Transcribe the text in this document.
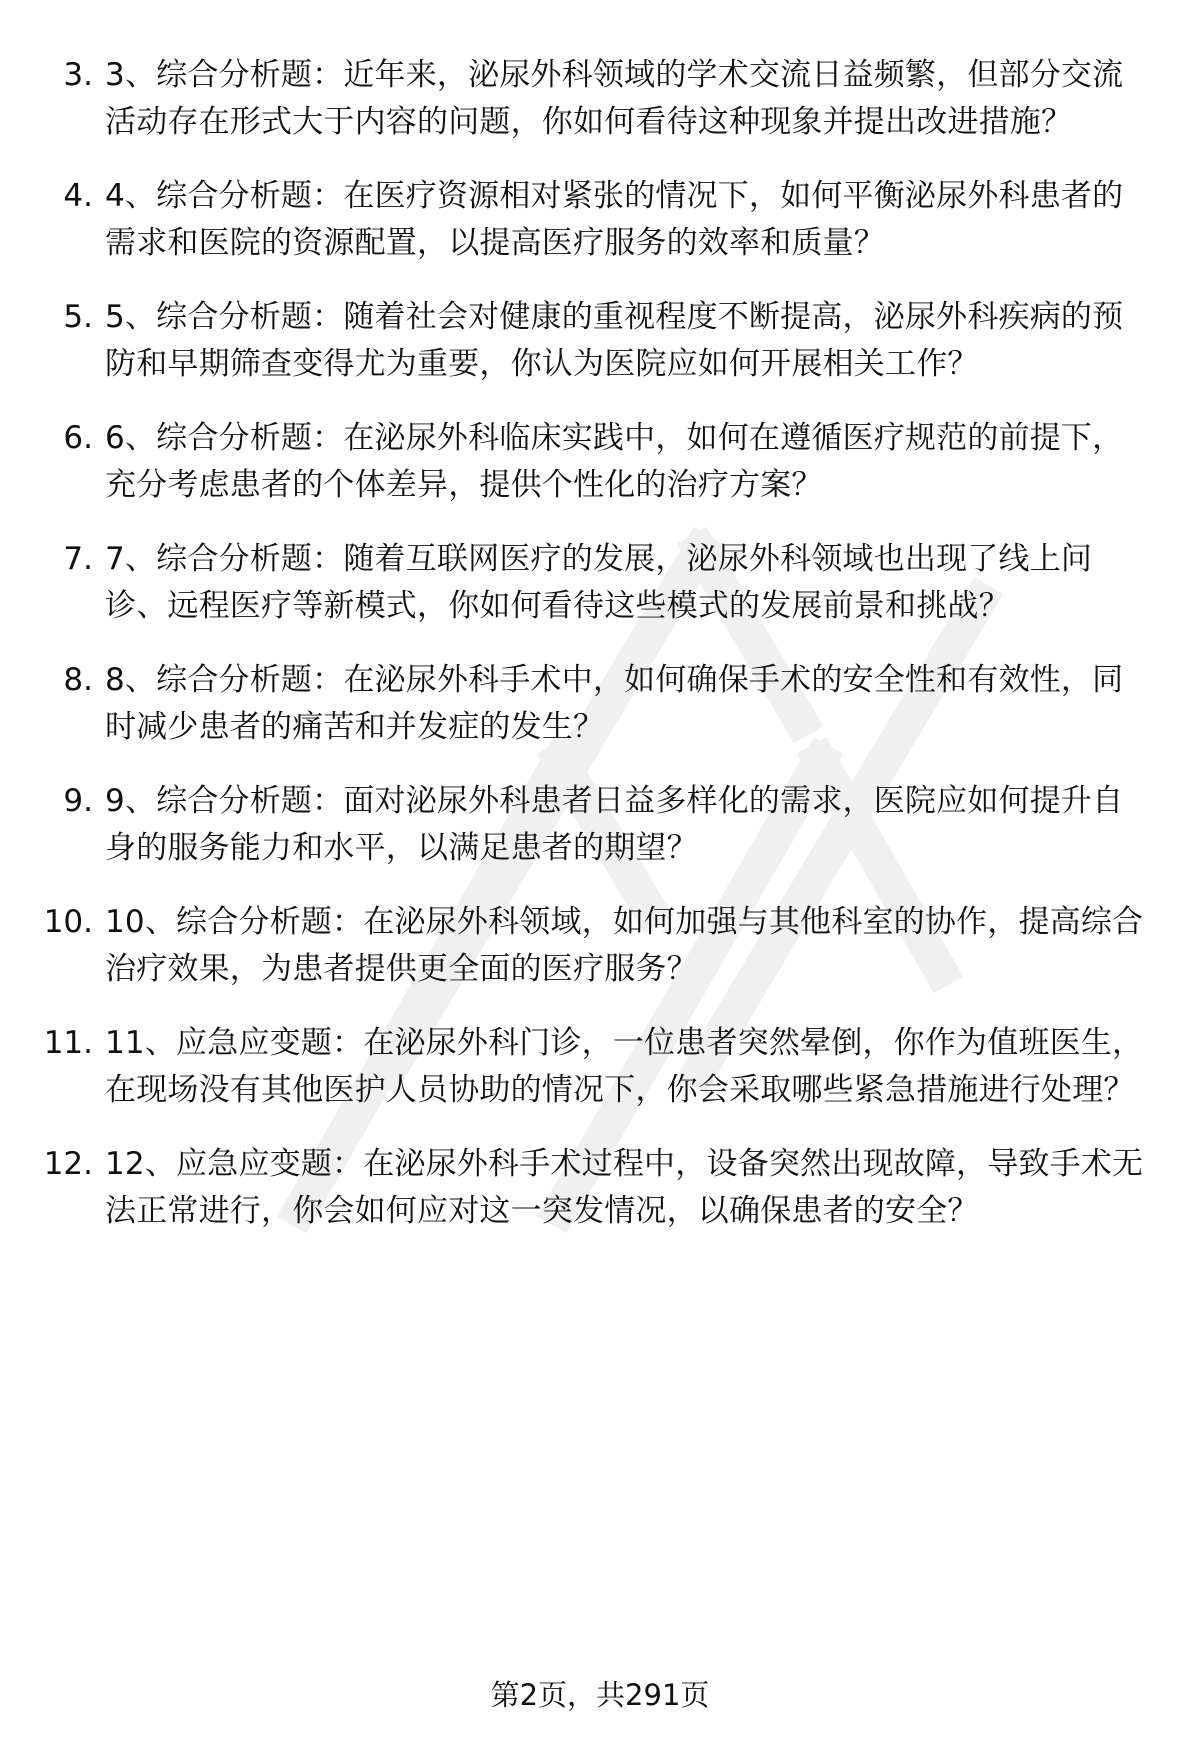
3. 3、综合分析题：近年来，泌尿外科领域的学术交流日益频繁，但部分交流活动存在形式大于内容的问题，你如何看待这种现象并提出改进措施？
4. 4、综合分析题：在医疗资源相对紧张的情况下，如何平衡泌尿外科患者的需求和医院的资源配置，以提高医疗服务的效率和质量？
5. 5、综合分析题：随着社会对健康的重视程度不断提高，泌尿外科疾病的预防和早期筛查变得尤为重要，你认为医院应如何开展相关工作？
6. 6、综合分析题：在泌尿外科临床实践中，如何在遵循医疗规范的前提下，充分考虑患者的个体差异，提供个性化的治疗方案？
7. 7、综合分析题：随着互联网医疗的发展，泌尿外科领域也出现了线上问诊、远程医疗等新模式，你如何看待这些模式的发展前景和挑战？
8. 8、综合分析题：在泌尿外科手术中，如何确保手术的安全性和有效性，同时减少患者的痛苦和并发症的发生？
9. 9、综合分析题：面对泌尿外科患者日益多样化的需求，医院应如何提升自身的服务能力和水平，以满足患者的期望？
10. 10、综合分析题：在泌尿外科领域，如何加强与其他科室的协作，提高综合治疗效果，为患者提供更全面的医疗服务？
11. 11、应急应变题：在泌尿外科门诊，一位患者突然晕倒，你作为值班医生，在现场没有其他医护人员协助的情况下，你会采取哪些紧急措施进行处理？
12. 12、应急应变题：在泌尿外科手术过程中，设备突然出现故障，导致手术无法正常进行，你会如何应对这一突发情况，以确保患者的安全？
第2页，共291页
